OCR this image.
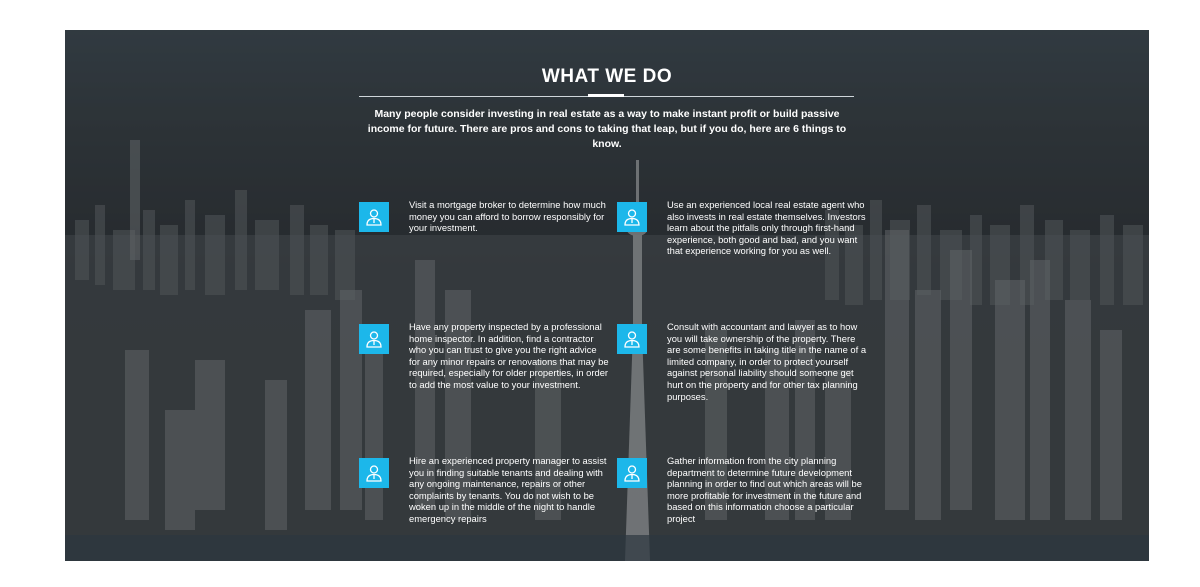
WHAT WE DO
Many people consider investing in real estate as a way to make instant profit or build passive income for future. There are pros and cons to taking that leap, but if you do, here are 6 things to know.
Visit a mortgage broker to determine how much money you can afford to borrow responsibly for your investment.
Use an experienced local real estate agent who also invests in real estate themselves. Investors learn about the pitfalls only through first-hand experience, both good and bad, and you want that experience working for you as well.
Have any property inspected by a professional home inspector. In addition, find a contractor who you can trust to give you the right advice for any minor repairs or renovations that may be required, especially for older properties, in order to add the most value to your investment.
Consult with accountant and lawyer as to how you will take ownership of the property. There are some benefits in taking title in the name of a limited company, in order to protect yourself against personal liability should someone get hurt on the property and for other tax planning purposes.
Hire an experienced property manager to assist you in finding suitable tenants and dealing with any ongoing maintenance, repairs or other complaints by tenants. You do not wish to be woken up in the middle of the night to handle emergency repairs
Gather information from the city planning department to determine future development planning in order to find out which areas will be more profitable for investment in the future and based on this information choose a particular project
